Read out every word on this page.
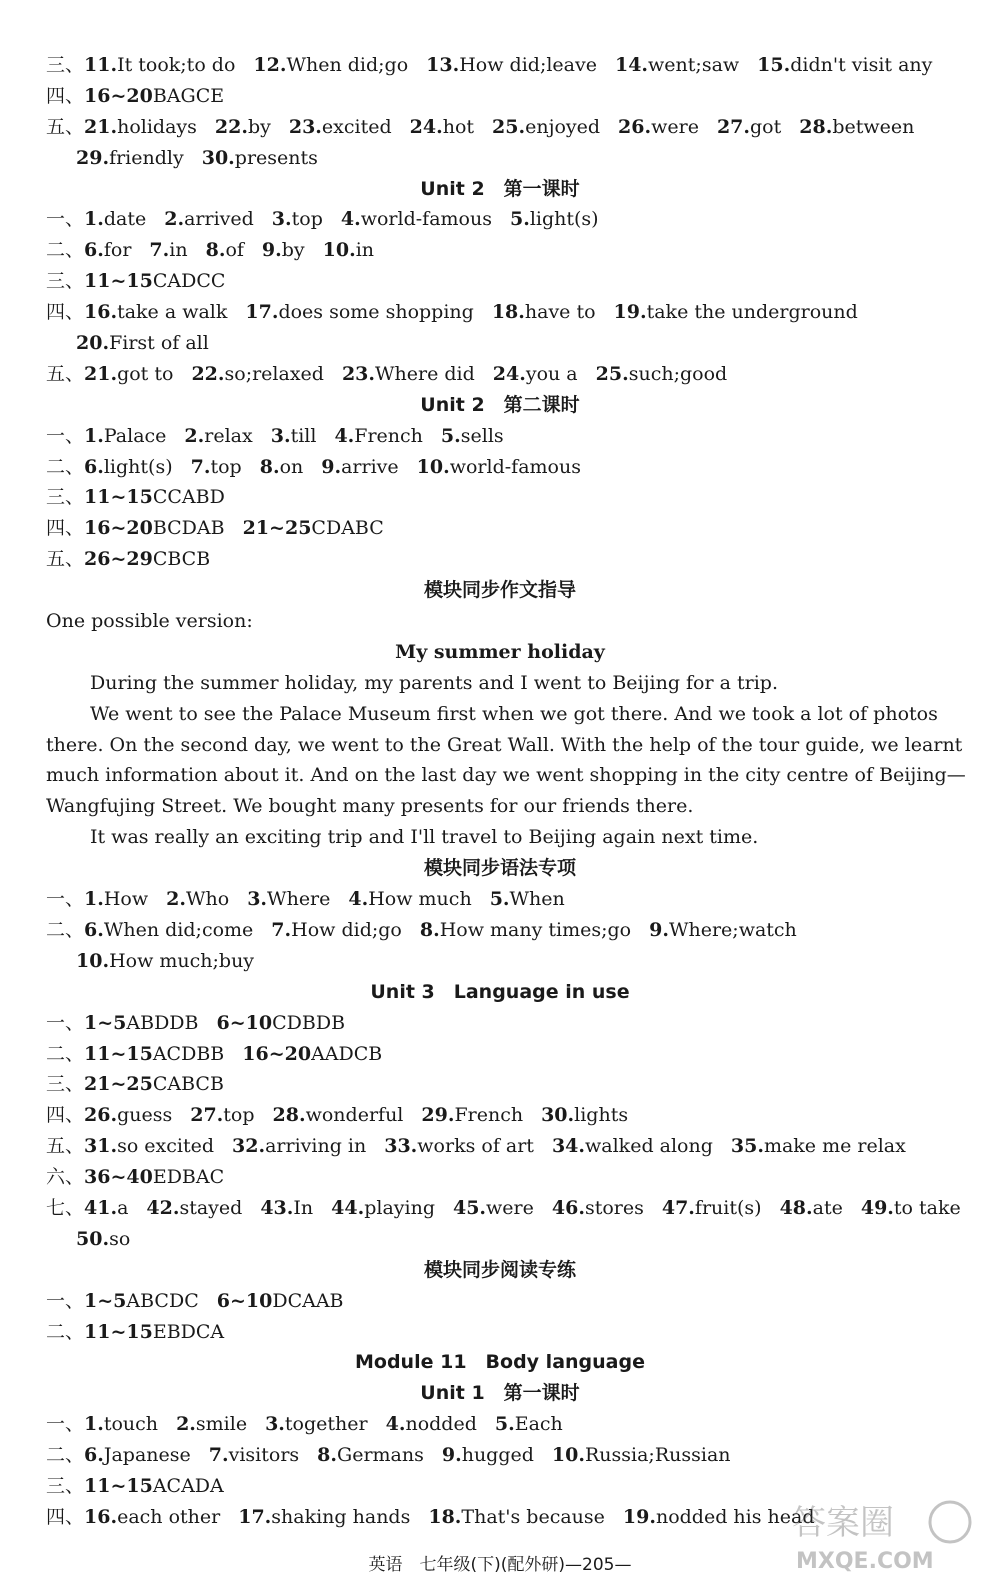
三、11.It took;to do 12.When did;go 13.How did;leave 14.went;saw 15.didn't visit any
四、16~20BAGCE
五、21.holidays 22.by 23.excited 24.hot 25.enjoyed 26.were 27.got 28.between
29.friendly 30.presents
Unit 2　第一课时
一、1.date 2.arrived 3.top 4.world-famous 5.light(s)
二、6.for 7.in 8.of 9.by 10.in
三、11~15CADCC
四、16.take a walk 17.does some shopping 18.have to 19.take the underground
20.First of all
五、21.got to 22.so;relaxed 23.Where did 24.you a 25.such;good
Unit 2　第二课时
一、1.Palace 2.relax 3.till 4.French 5.sells
二、6.light(s) 7.top 8.on 9.arrive 10.world-famous
三、11~15CCABD
四、16~20BCDAB 21~25CDABC
五、26~29CBCB
模块同步作文指导
One possible version:
My summer holiday
During the summer holiday, my parents and I went to Beijing for a trip.
We went to see the Palace Museum first when we got there. And we took a lot of photos
there. On the second day, we went to the Great Wall. With the help of the tour guide, we learnt
much information about it. And on the last day we went shopping in the city centre of Beijing—
Wangfujing Street. We bought many presents for our friends there.
It was really an exciting trip and I'll travel to Beijing again next time.
模块同步语法专项
一、1.How 2.Who 3.Where 4.How much 5.When
二、6.When did;come 7.How did;go 8.How many times;go 9.Where;watch
10.How much;buy
Unit 3　Language in use
一、1~5ABDDB 6~10CDBDB
二、11~15ACDBB 16~20AADCB
三、21~25CABCB
四、26.guess 27.top 28.wonderful 29.French 30.lights
五、31.so excited 32.arriving in 33.works of art 34.walked along 35.make me relax
六、36~40EDBAC
七、41.a 42.stayed 43.In 44.playing 45.were 46.stores 47.fruit(s) 48.ate 49.to take
50.so
模块同步阅读专练
一、1~5ABCDC 6~10DCAAB
二、11~15EBDCA
Module 11　Body language
Unit 1　第一课时
一、1.touch 2.smile 3.together 4.nodded 5.Each
二、6.Japanese 7.visitors 8.Germans 9.hugged 10.Russia;Russian
三、11~15ACADA
四、16.each other 17.shaking hands 18.That's because 19.nodded his head
英语　七年级(下)(配外研)—205—
答案圈
MXQE.COM
